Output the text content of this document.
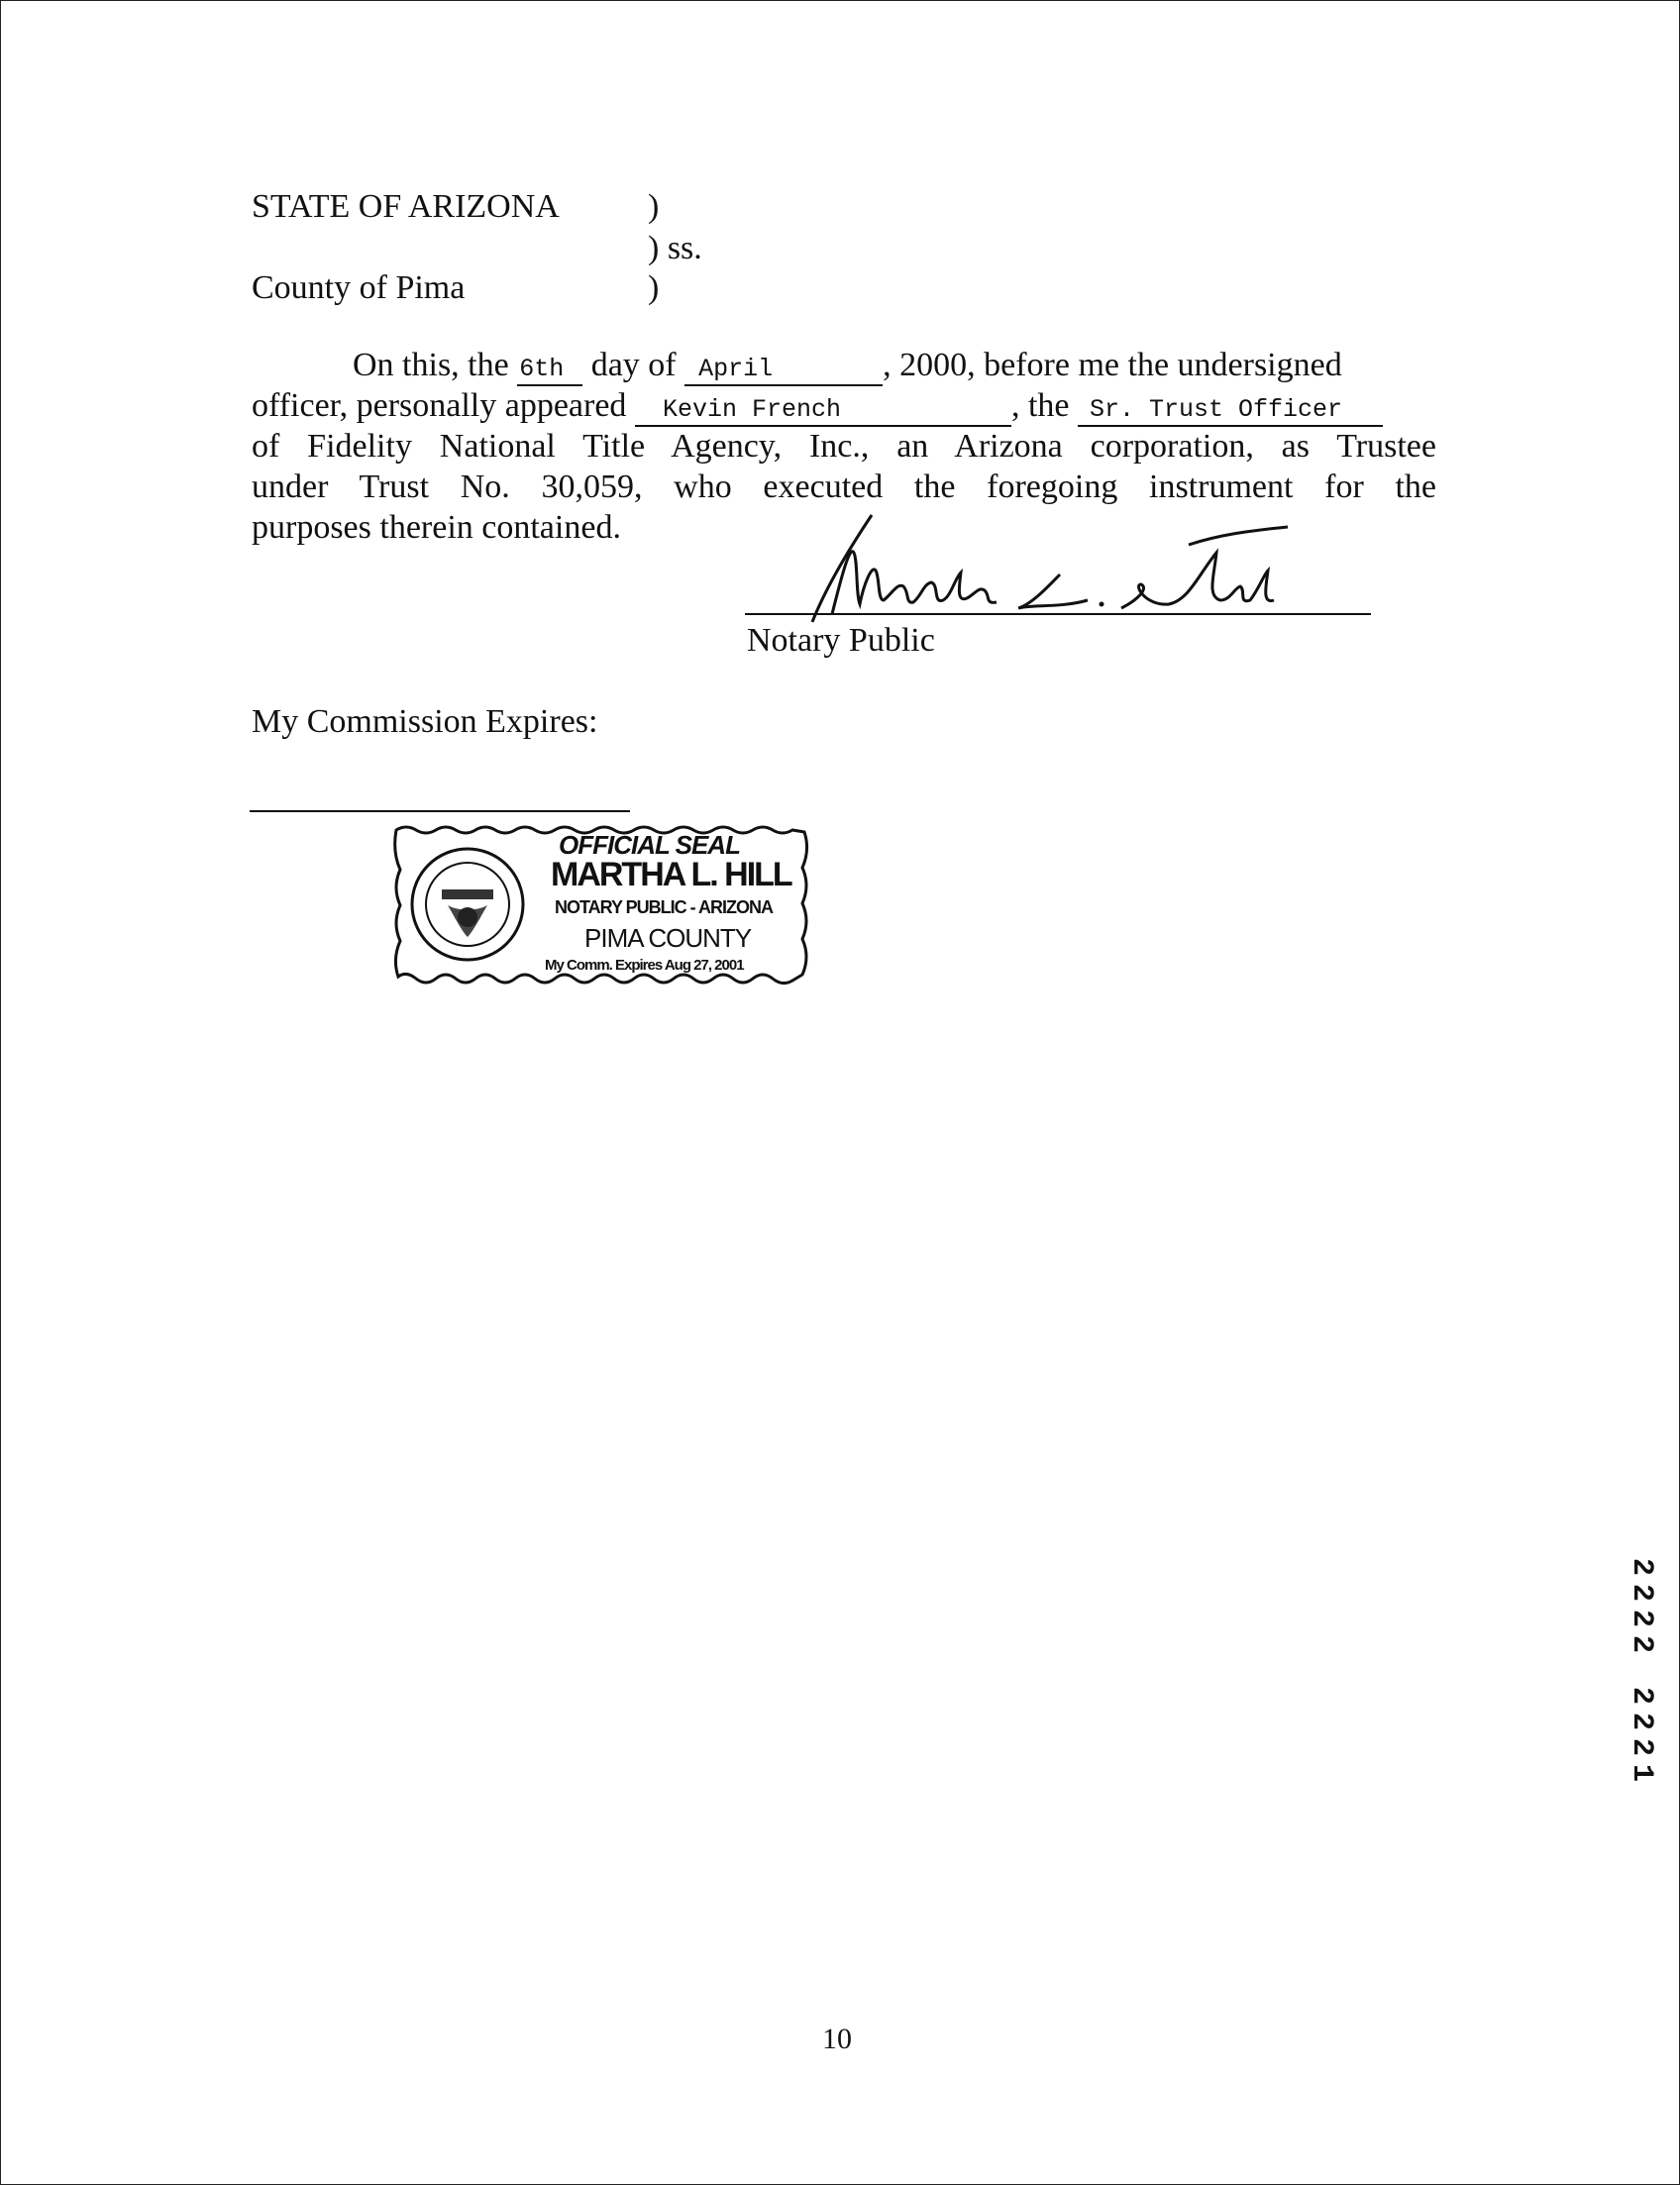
STATE OF ARIZONA	)
) ss.
County of Pima	)
On this, the 6th day of April	, 2000, before me the undersigned
officer, personally appeared Kevin French	, the Sr. Trust Officer
of Fidelity National Title Agency, Inc., an Arizona corporation, as Trustee
under Trust No. 30,059, who executed the foregoing instrument for the
purposes therein contained.
Notary Public
My Commission Expires:
OFFICIAL SEAL
MARTHA L. HILL
NOTARY PUBLIC - ARIZONA
PIMA COUNTY
My Comm. Expires Aug 27, 2001
2222 2221
10
